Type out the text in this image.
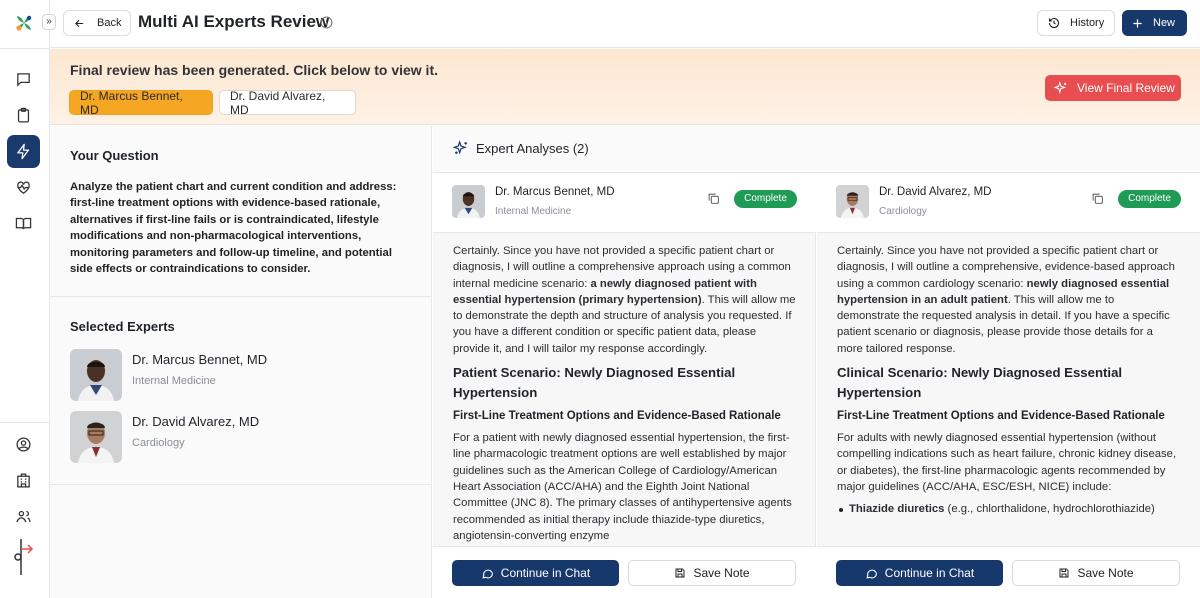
»	Back Multi AI Experts Review	History	New
Final review has been generated. Click below to view it.
Dr. Marcus Bennet, MD
Dr. David Alvarez, MD
View Final Review
Your Question
Analyze the patient chart and current condition and address: first-line treatment options with evidence-based rationale, alternatives if first-line fails or is contraindicated, lifestyle modifications and non-pharmacological interventions, monitoring parameters and follow-up timeline, and potential side effects or contraindications to consider.
Selected Experts
Dr. Marcus Bennet, MD
Internal Medicine
Dr. David Alvarez, MD
Cardiology
Expert Analyses (2)
Dr. Marcus Bennet, MD
Internal Medicine
Complete

Certainly. Since you have not provided a specific patient chart or diagnosis, I will outline a comprehensive approach using a common internal medicine scenario: a newly diagnosed patient with essential hypertension (primary hypertension). This will allow me to demonstrate the depth and structure of analysis you requested. If you have a different condition or specific patient data, please provide it, and I will tailor my response accordingly.

Patient Scenario: Newly Diagnosed Essential Hypertension
First-Line Treatment Options and Evidence-Based Rationale

For a patient with newly diagnosed essential hypertension, the first-line pharmacologic treatment options are well established by major guidelines such as the American College of Cardiology/American Heart Association (ACC/AHA) and the Eighth Joint National Committee (JNC 8). The primary classes of antihypertensive agents recommended as initial therapy include thiazide-type diuretics, angiotensin-converting enzyme

Continue in Chat	Save Note
Dr. David Alvarez, MD
Cardiology
Complete

Certainly. Since you have not provided a specific patient chart or diagnosis, I will outline a comprehensive, evidence-based approach using a common cardiology scenario: newly diagnosed essential hypertension in an adult patient. This will allow me to demonstrate the requested analysis in detail. If you have a specific patient scenario or diagnosis, please provide those details for a more tailored response.

Clinical Scenario: Newly Diagnosed Essential Hypertension
First-Line Treatment Options and Evidence-Based Rationale

For adults with newly diagnosed essential hypertension (without compelling indications such as heart failure, chronic kidney disease, or diabetes), the first-line pharmacologic agents recommended by major guidelines (ACC/AHA, ESC/ESH, NICE) include:

Thiazide diuretics (e.g., chlorthalidone, hydrochlorothiazide)
Continue in Chat	Save Note
